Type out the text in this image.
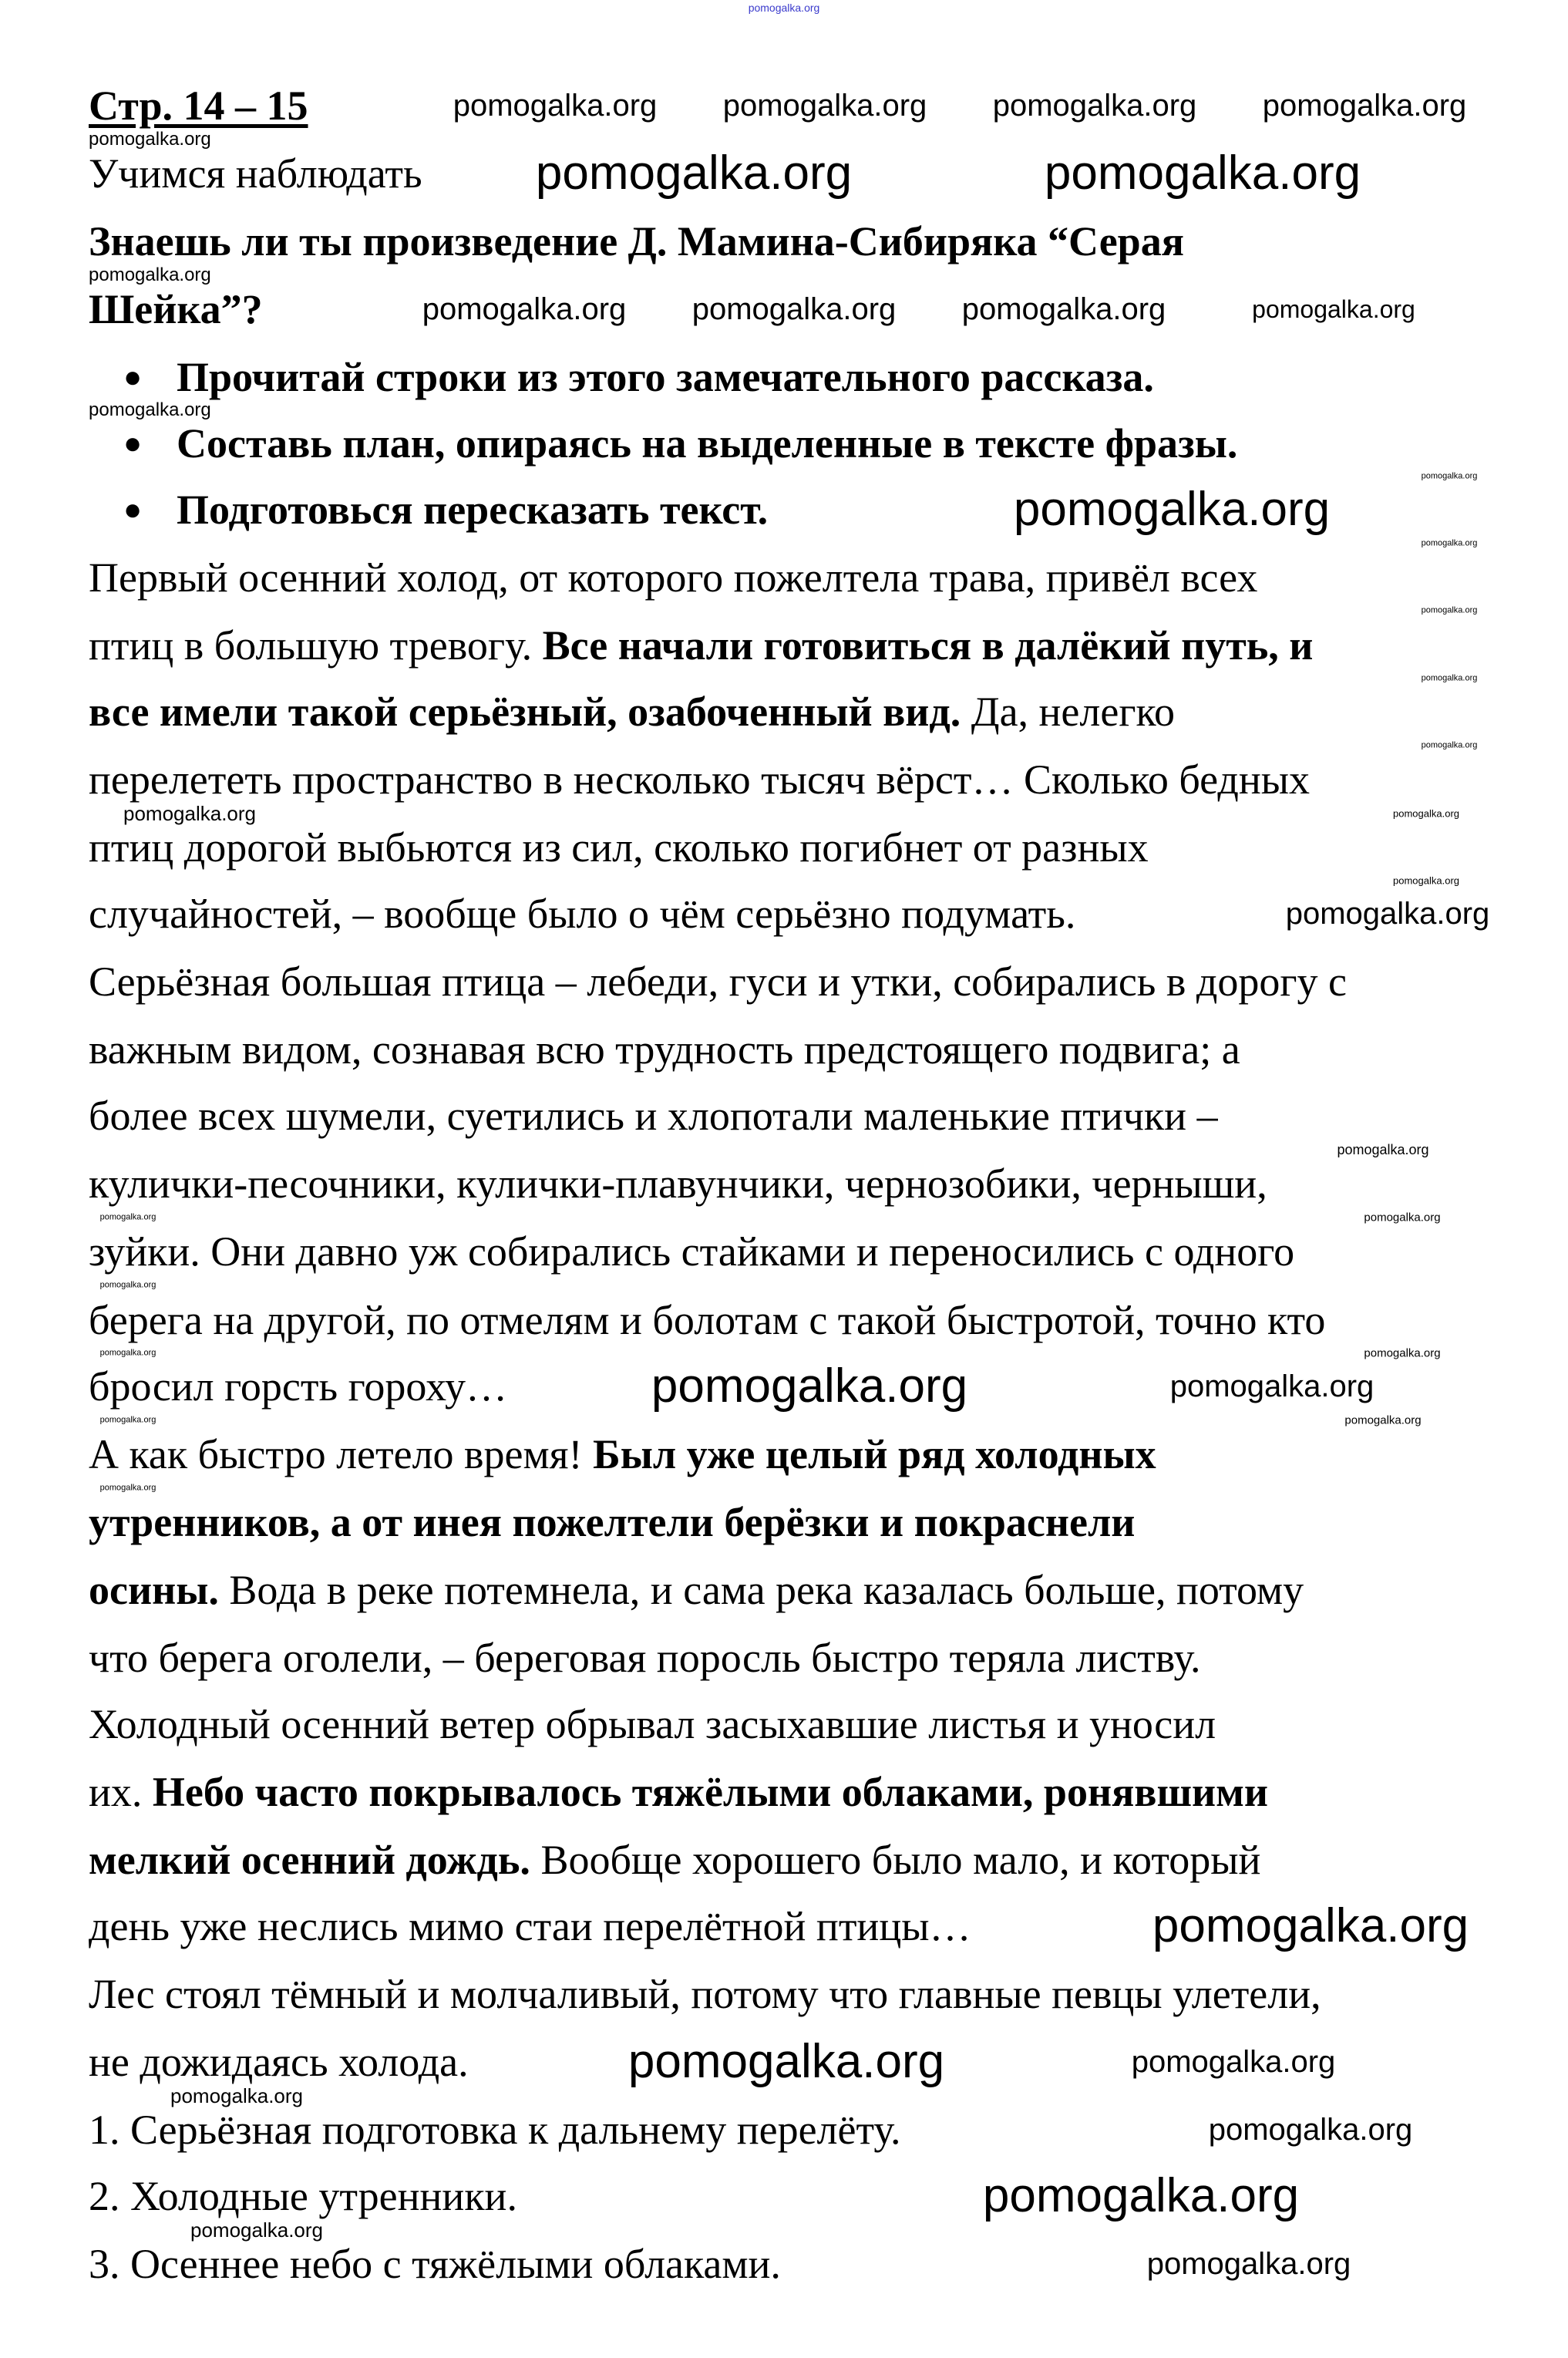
Стр. 14 – 15
Учимся наблюдать
Знаешь ли ты произведение Д. Мамина-Сибиряка “Серая
Шейка”?
● Прочитай строки из этого замечательного рассказа.
● Составь план, опираясь на выделенные в тексте фразы.
● Подготовься пересказать текст.
Первый осенний холод, от которого пожелтела трава, привёл всех
птиц в большую тревогу. Все начали готовиться в далёкий путь, и
все имели такой серьёзный, озабоченный вид. Да, нелегко
перелететь пространство в несколько тысяч вёрст… Сколько бедных
птиц дорогой выбьются из сил, сколько погибнет от разных
случайностей, – вообще было о чём серьёзно подумать.
Серьёзная большая птица – лебеди, гуси и утки, собирались в дорогу с
важным видом, сознавая всю трудность предстоящего подвига; а
более всех шумели, суетились и хлопотали маленькие птички –
кулички-песочники, кулички-плавунчики, чернозобики, черныши,
зуйки. Они давно уж собирались стайками и переносились с одного
берега на другой, по отмелям и болотам с такой быстротой, точно кто
бросил горсть гороху…
А как быстро летело время! Был уже целый ряд холодных
утренников, а от инея пожелтели берёзки и покраснели
осины. Вода в реке потемнела, и сама река казалась больше, потому
что берега оголели, – береговая поросль быстро теряла листву.
Холодный осенний ветер обрывал засыхавшие листья и уносил
их. Небо часто покрывалось тяжёлыми облаками, ронявшими
мелкий осенний дождь. Вообще хорошего было мало, и который
день уже неслись мимо стаи перелётной птицы…
Лес стоял тёмный и молчаливый, потому что главные певцы улетели,
не дожидаясь холода.
1. Серьёзная подготовка к дальнему перелёту.
2. Холодные утренники.
3. Осеннее небо с тяжёлыми облаками.
pomogalka.org
pomogalka.org
pomogalka.org
pomogalka.org
pomogalka.org	pomogalka.org
pomogalka.org
pomogalka.org
pomogalka.org
pomogalka.org
pomogalka.org
pomogalka.org pomogalka.org pomogalka.org pomogalka.org
pomogalka.org pomogalka.org pomogalka.org	pomogalka.org
pomogalka.org
pomogalka.org
pomogalka.org
pomogalka.org
pomogalka.org
pomogalka.org
pomogalka.org
pomogalka.org
pomogalka.org
pomogalka.org
pomogalka.org
pomogalka.org
pomogalka.org
pomogalka.org
pomogalka.org
pomogalka.org
pomogalka.org	pomogalka.org
pomogalka.org
pomogalka.org
pomogalka.org
pomogalka.org
pomogalka.org
pomogalka.org
